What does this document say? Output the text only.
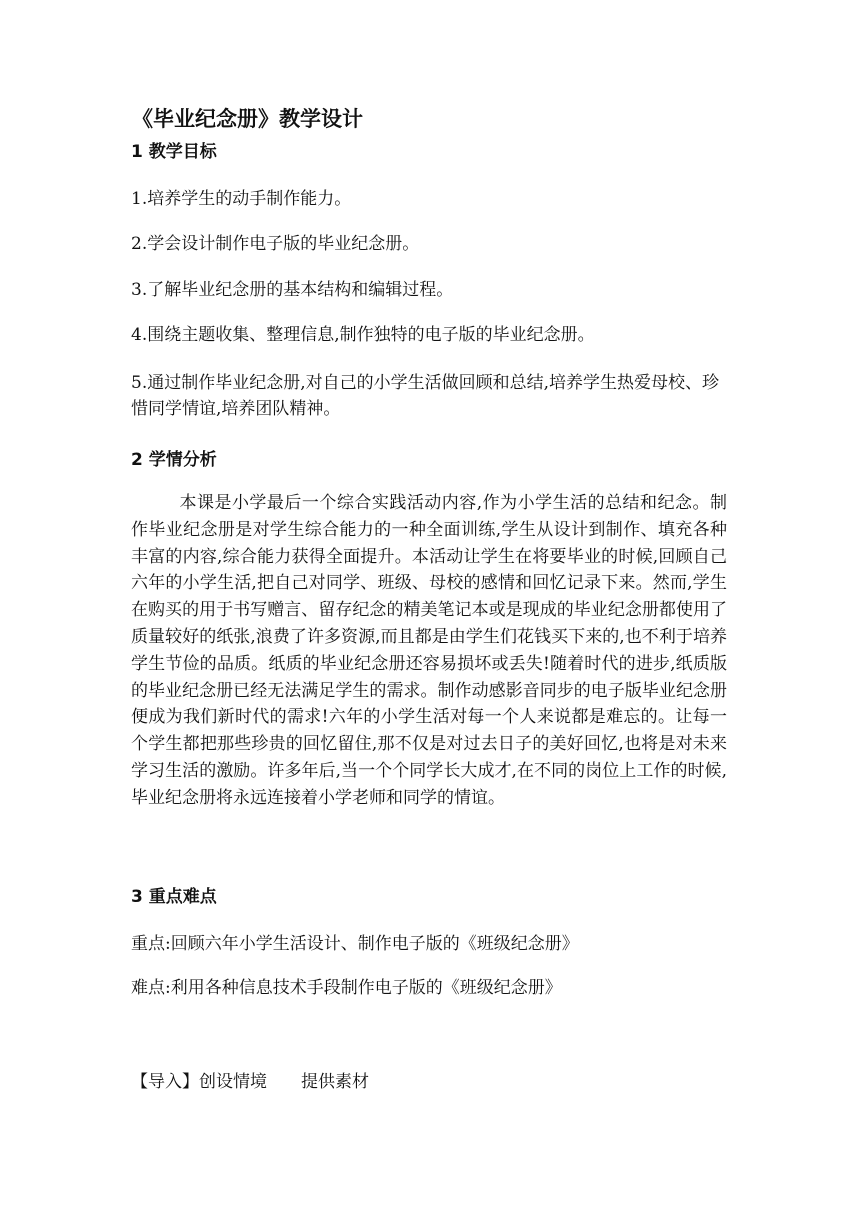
《毕业纪念册》教学设计
1 教学目标

1.培养学生的动手制作能力。

2.学会设计制作电子版的毕业纪念册。

3.了解毕业纪念册的基本结构和编辑过程。

4.围绕主题收集、整理信息,制作独特的电子版的毕业纪念册。

5.通过制作毕业纪念册,对自己的小学生活做回顾和总结,培养学生热爱母校、珍惜同学情谊,培养团队精神。

2 学情分析

本课是小学最后一个综合实践活动内容,作为小学生活的总结和纪念。制作毕业纪念册是对学生综合能力的一种全面训练,学生从设计到制作、填充各种丰富的内容,综合能力获得全面提升。本活动让学生在将要毕业的时候,回顾自己六年的小学生活,把自己对同学、班级、母校的感情和回忆记录下来。然而,学生在购买的用于书写赠言、留存纪念的精美笔记本或是现成的毕业纪念册都使用了质量较好的纸张,浪费了许多资源,而且都是由学生们花钱买下来的,也不利于培养学生节俭的品质。纸质的毕业纪念册还容易损坏或丢失!随着时代的进步,纸质版的毕业纪念册已经无法满足学生的需求。制作动感影音同步的电子版毕业纪念册便成为我们新时代的需求!六年的小学生活对每一个人来说都是难忘的。让每一个学生都把那些珍贵的回忆留住,那不仅是对过去日子的美好回忆,也将是对未来学习生活的激励。许多年后,当一个个同学长大成才,在不同的岗位上工作的时候,毕业纪念册将永远连接着小学老师和同学的情谊。

3 重点难点

重点:回顾六年小学生活设计、制作电子版的《班级纪念册》

难点:利用各种信息技术手段制作电子版的《班级纪念册》

【导入】创设情境　　提供素材
